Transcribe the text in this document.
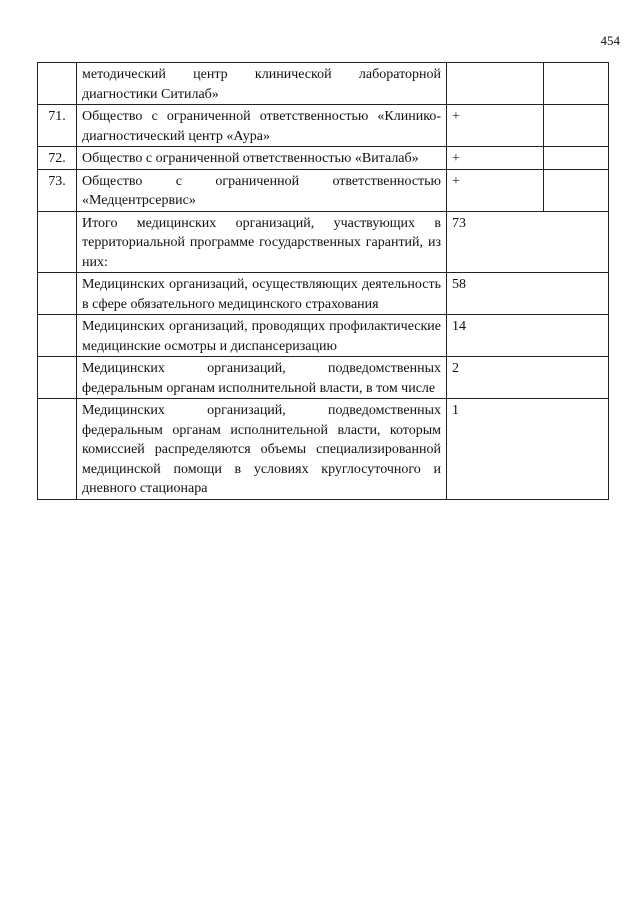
454
	методический центр клинической лабораторной диагностики Ситилаб»		
71.	Общество с ограниченной ответственностью «Клинико-диагностический центр «Аура»	+	
72.	Общество с ограниченной ответственностью «Виталаб»	+	
73.	Общество с ограниченной ответственностью «Медцентрсервис»	+	
	Итого медицинских организаций, участвующих в территориальной программе государственных гарантий, из них:	73	
	Медицинских организаций, осуществляющих деятельность в сфере обязательного медицинского страхования	58	
	Медицинских организаций, проводящих профилактические медицинские осмотры и диспансеризацию	14	
	Медицинских организаций, подведомственных федеральным органам исполнительной власти, в том числе	2	
	Медицинских организаций, подведомственных федеральным органам исполнительной власти, которым комиссией распределяются объемы специализированной медицинской помощи в условиях круглосуточного и дневного стационара	1	
